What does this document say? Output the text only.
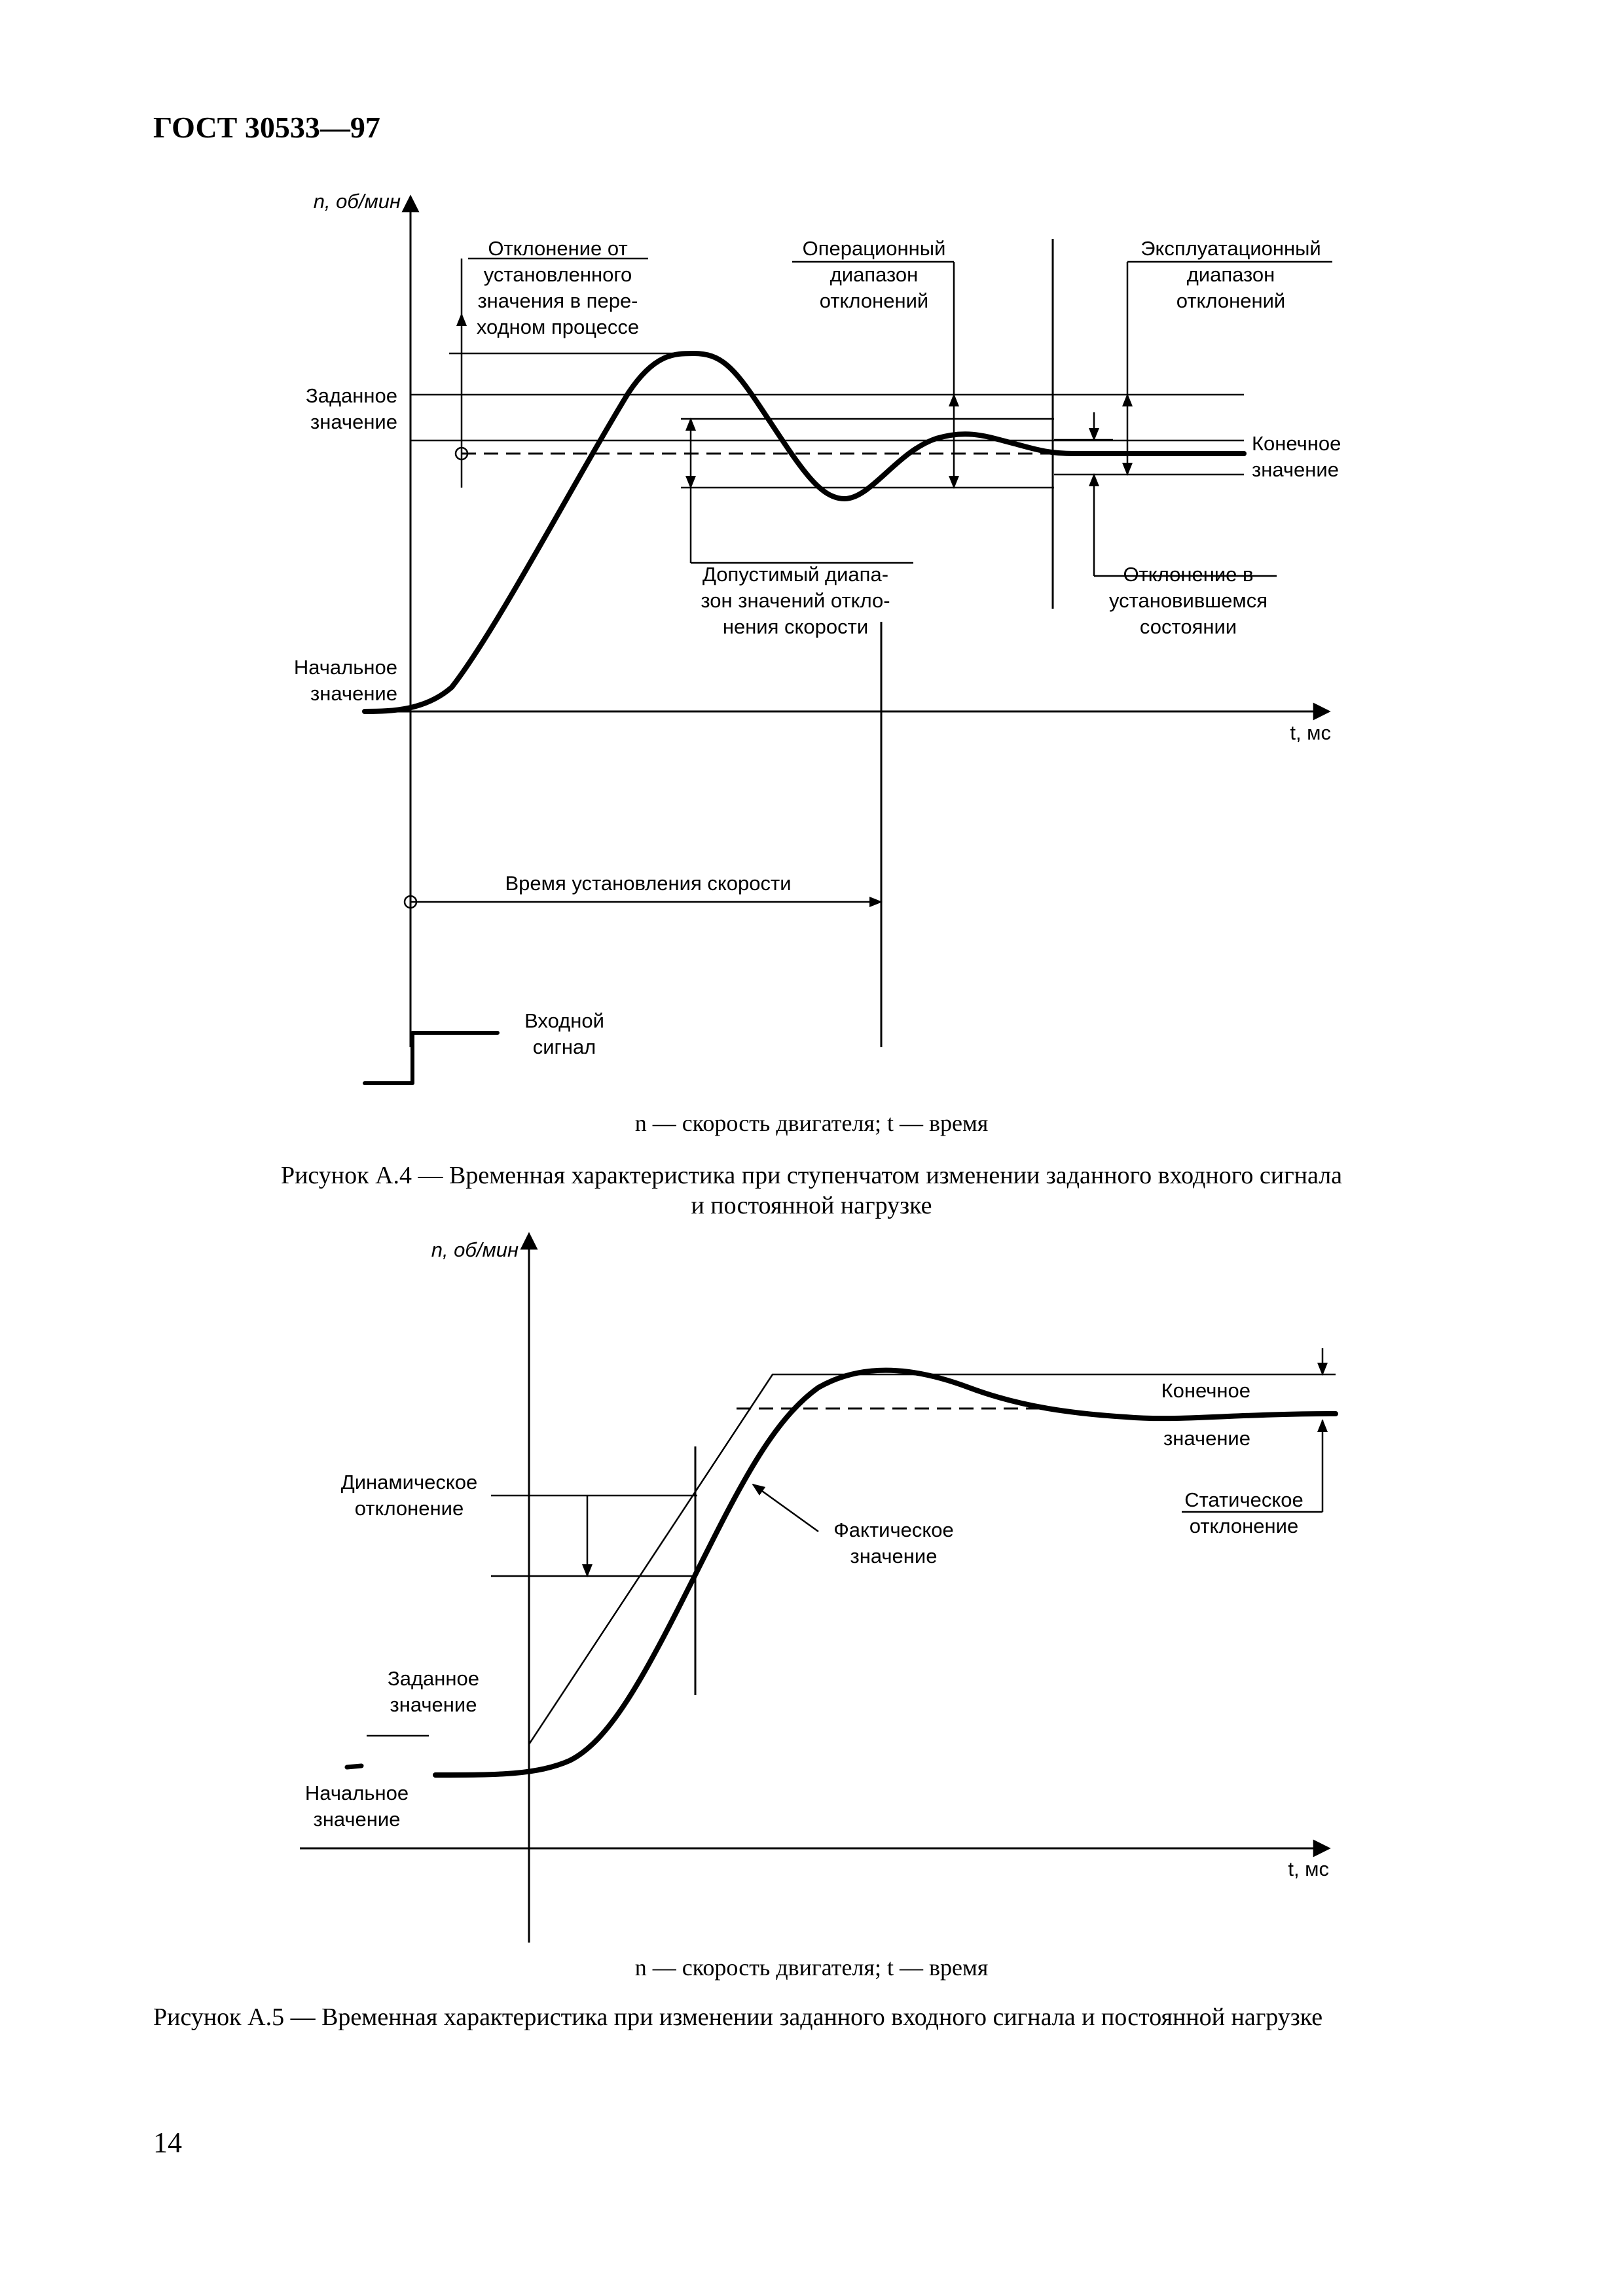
ГОСТ 30533—97
n, об/мин
t, мс
Отклонение от
установленного
значения в пере-
ходном процессе
Операционный
диапазон
отклонений
Эксплуатационный
диапазон
отклонений
Заданное
значение
Конечное
значение
Начальное
значение
Допустимый диапа-
зон значений откло-
нения скорости
Отклонение в
установившемся
состоянии
Время установления скорости
Входной
сигнал
n — скорость двигателя; t — время
Рисунок А.4 — Временная характеристика при ступенчатом изменении заданного входного сигнала
и постоянной нагрузке
n, об/мин
t, мс
Конечное
значение
Динамическое
отклонение
Фактическое
значение
Статическое
отклонение
Заданное
значение
Начальное
значение
n — скорость двигателя; t — время
Рисунок А.5 — Временная характеристика при изменении заданного входного сигнала и постоянной нагрузке
14
